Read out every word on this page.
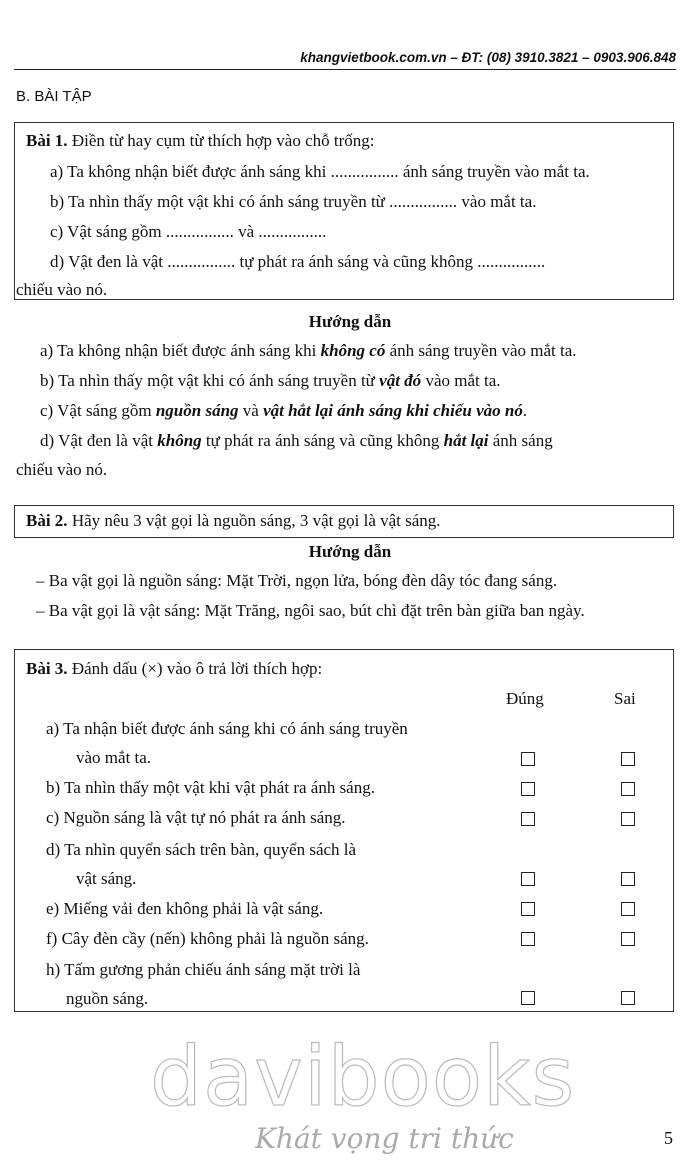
khangvietbook.com.vn – ĐT: (08) 3910.3821 – 0903.906.848
B. BÀI TẬP
Bài 1. Điền từ hay cụm từ thích hợp vào chỗ trống:
a) Ta không nhận biết được ánh sáng khi ................ ánh sáng truyền vào mắt ta.
b) Ta nhìn thấy một vật khi có ánh sáng truyền từ ................ vào mắt ta.
c) Vật sáng gồm ................ và ................
d) Vật đen là vật ................ tự phát ra ánh sáng và cũng không ................
chiếu vào nó.
Hướng dẫn
a) Ta không nhận biết được ánh sáng khi không có ánh sáng truyền vào mắt ta.
b) Ta nhìn thấy một vật khi có ánh sáng truyền từ vật đó vào mắt ta.
c) Vật sáng gồm nguồn sáng và vật hắt lại ánh sáng khi chiếu vào nó.
d) Vật đen là vật không tự phát ra ánh sáng và cũng không hắt lại ánh sáng
chiếu vào nó.
Bài 2. Hãy nêu 3 vật gọi là nguồn sáng, 3 vật gọi là vật sáng.
Hướng dẫn
– Ba vật gọi là nguồn sáng: Mặt Trời, ngọn lửa, bóng đèn dây tóc đang sáng.
– Ba vật gọi là vật sáng: Mặt Trăng, ngôi sao, bút chì đặt trên bàn giữa ban ngày.
Bài 3. Đánh dấu (×) vào ô trả lời thích hợp:
Đúng	Sai
a) Ta nhận biết được ánh sáng khi có ánh sáng truyền
vào mắt ta.
b) Ta nhìn thấy một vật khi vật phát ra ánh sáng.
c) Nguồn sáng là vật tự nó phát ra ánh sáng.
d) Ta nhìn quyển sách trên bàn, quyển sách là
vật sáng.
e) Miếng vải đen không phải là vật sáng.
f) Cây đèn cầy (nến) không phải là nguồn sáng.
h) Tấm gương phản chiếu ánh sáng mặt trời là
nguồn sáng.
davibooks
Khát vọng tri thức	5
